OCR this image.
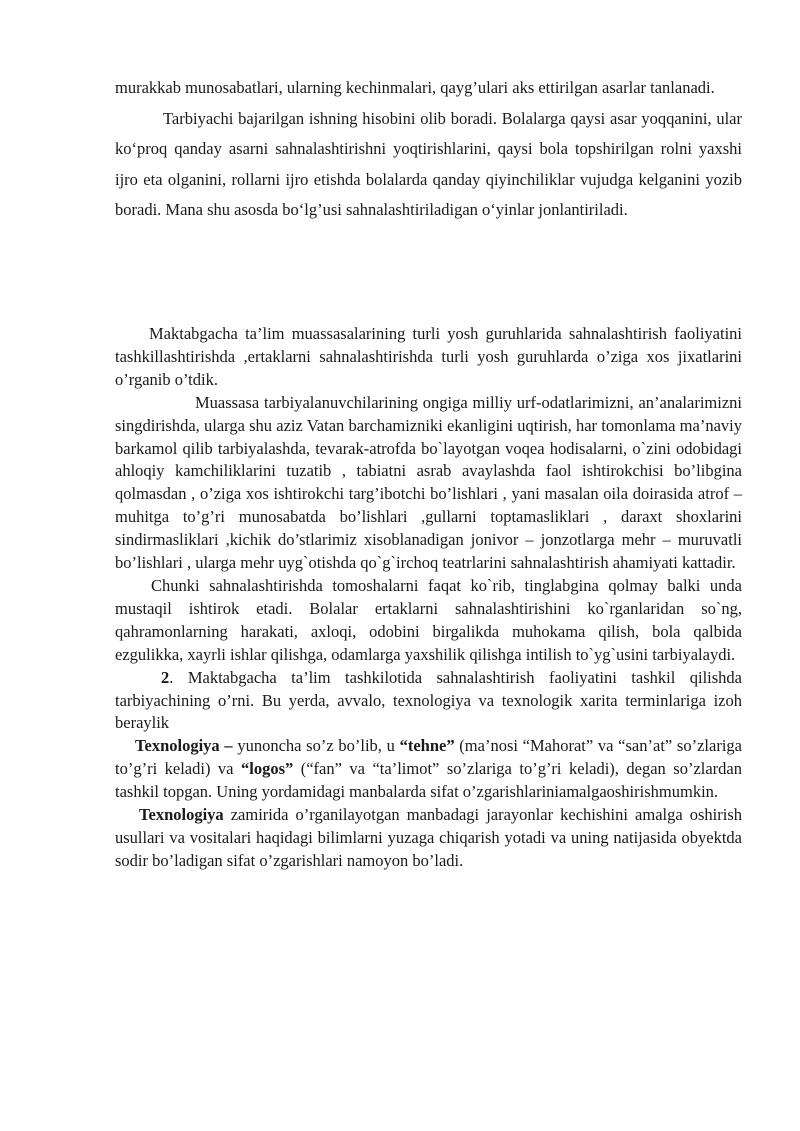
murakkab munosabatlari, ularning kechinmalari, qayg’ulari aks ettirilgan asarlar tanlanadi.

Tarbiyachi bajarilgan ishning hisobini olib boradi. Bolalarga qaysi asar yoqqanini, ular ko‘proq qanday asarni sahnalashtirishni yoqtirishlarini, qaysi bola topshirilgan rolni yaxshi ijro eta olganini, rollarni ijro etishda bolalarda qanday qiyinchiliklar vujudga kelganini yozib boradi. Mana shu asosda bo‘lg’usi sahnalashtiriladigan o‘yinlar jonlantiriladi.

Maktabgacha ta’lim muassasalarining turli yosh guruhlarida sahnalashtirish faoliyatini tashkillashtirishda ,ertaklarni sahnalashtirishda turli yosh guruhlarda o’ziga xos jixatlarini o’rganib o’tdik.

Muassasa tarbiyalanuvchilarining ongiga milliy urf-odatlarimizni, an’analarimizni singdirishda, ularga shu aziz Vatan barchamizniki ekanligini uqtirish, har tomonlama ma’naviy barkamol qilib tarbiyalashda, tevarak-atrofda bo`layotgan voqea hodisalarni, o`zini odobidagi ahloqiy kamchiliklarini tuzatib , tabiatni asrab avaylashda faol ishtirokchisi bo’libgina qolmasdan , o’ziga xos ishtirokchi targ’ibotchi bo’lishlari , yani masalan oila doirasida atrof – muhitga to’g’ri munosabatda bo’lishlari ,gullarni toptamasliklari , daraxt shoxlarini sindirmasliklari ,kichik do’stlarimiz xisoblanadigan jonivor – jonzotlarga mehr – muruvatli bo’lishlari , ularga mehr uyg`otishda qo`g`irchoq teatrlarini sahnalashtirish ahamiyati kattadir.

Chunki sahnalashtirishda tomoshalarni faqat ko`rib, tinglabgina qolmay balki unda mustaqil ishtirok etadi. Bolalar ertaklarni sahnalashtirishini ko`rganlaridan so`ng, qahramonlarning harakati, axloqi, odobini birgalikda muhokama qilish, bola qalbida ezgulikka, xayrli ishlar qilishga, odamlarga yaxshilik qilishga intilish to`yg`usini tarbiyalaydi.

2. Maktabgacha ta’lim tashkilotida sahnalashtirish faoliyatini tashkil qilishda tarbiyachining o’rni. Bu yerda, avvalo, texnologiya va texnologik xarita terminlariga izoh beraylik

Texnologiya – yunoncha so’z bo’lib, u “tehne” (ma’nosi “Mahorat” va “san’at” so’zlariga to’g’ri keladi) va “logos” (“fan” va “ta’limot” so’zlariga to’g’ri keladi), degan so’zlardan tashkil topgan. Uning yordamidagi manbalarda sifat o’zgarishlariniamalgaoshirishmumkin.

Texnologiya zamirida o’rganilayotgan manbadagi jarayonlar kechishini amalga oshirish usullari va vositalari haqidagi bilimlarni yuzaga chiqarish yotadi va uning natijasida obyektda sodir bo’ladigan sifat o’zgarishlari namoyon bo’ladi.
